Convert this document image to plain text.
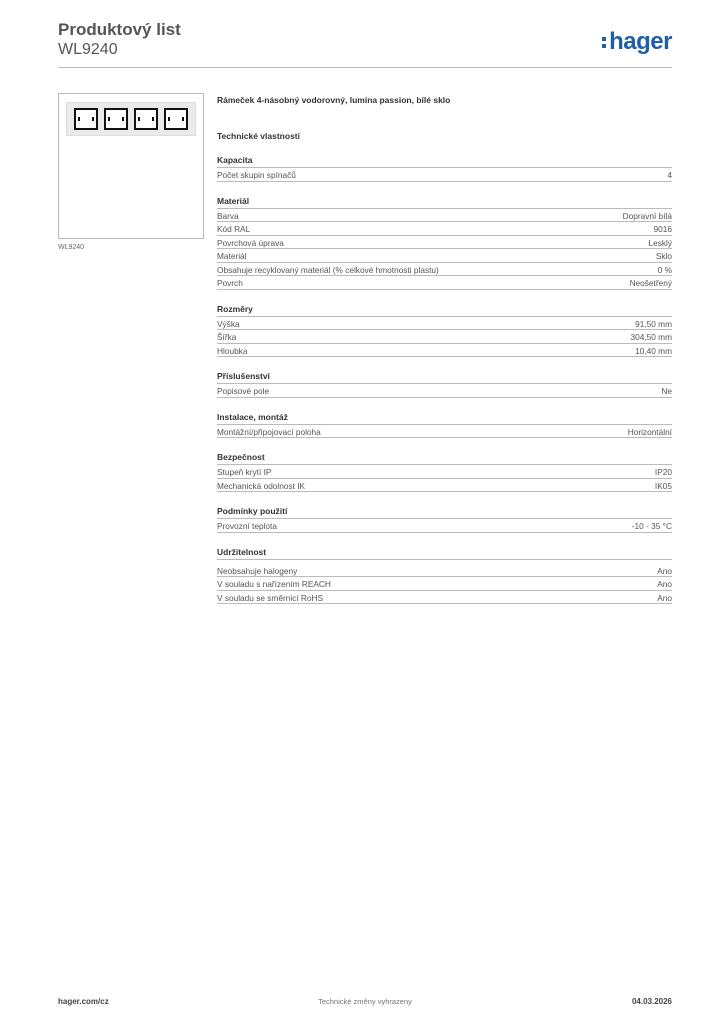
Produktový list
WL9240	hager
WL9240
Rámeček 4-násobný vodorovný, lumina passion, bílé sklo
Technické vlastnosti
Kapacita
Počet skupin spínačů	4
Materiál
Barva	Dopravní bílá
Kód RAL	9016
Povrchová úprava	Lesklý
Materiál	Sklo
Obsahuje recyklovaný materiál (% celkové hmotnosti plastu)	0 %
Povrch	Neošetřený
Rozměry
Výška	91,50 mm
Šířka	304,50 mm
Hloubka	10,40 mm
Příslušenství
Popisové pole	Ne
Instalace, montáž
Montážní/připojovací poloha	Horizontální
Bezpečnost
Stupeň krytí IP	IP20
Mechanická odolnost IK	IK05
Podmínky použití
Provozní teplota	-10 - 35 °C
Udržitelnost
Neobsahuje halogeny	Ano
V souladu s nařízením REACH	Ano
V souladu se směrnicí RoHS	Ano
hager.com/cz	Technické změny vyhrazeny	04.03.2026
